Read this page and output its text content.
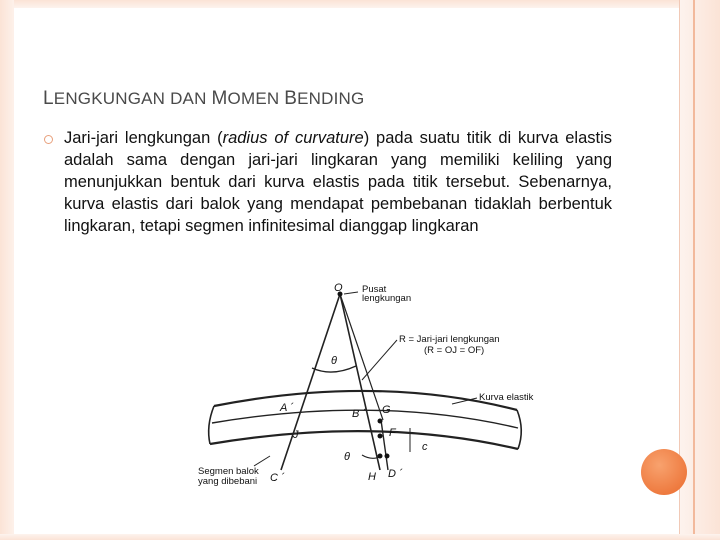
LENGKUNGAN DAN MOMEN BENDING

Jari-jari lengkungan (radius of curvature) pada suatu titik di kurva elastis adalah sama dengan jari-jari lingkaran yang memiliki keliling yang menunjukkan bentuk dari kurva elastis pada titik tersebut. Sebenarnya, kurva elastis dari balok yang mendapat pembebanan tidaklah berbentuk lingkaran, tetapi segmen infinitesimal dianggap lingkaran

O Pusat
lengkungan
R = Jari-jari lengkungan
(R = OJ = OF)
θ
A ´	B ´ G
J	F
c
θ
C ´	H D ´
Kurva elastik
Segmen balok
yang dibebani
